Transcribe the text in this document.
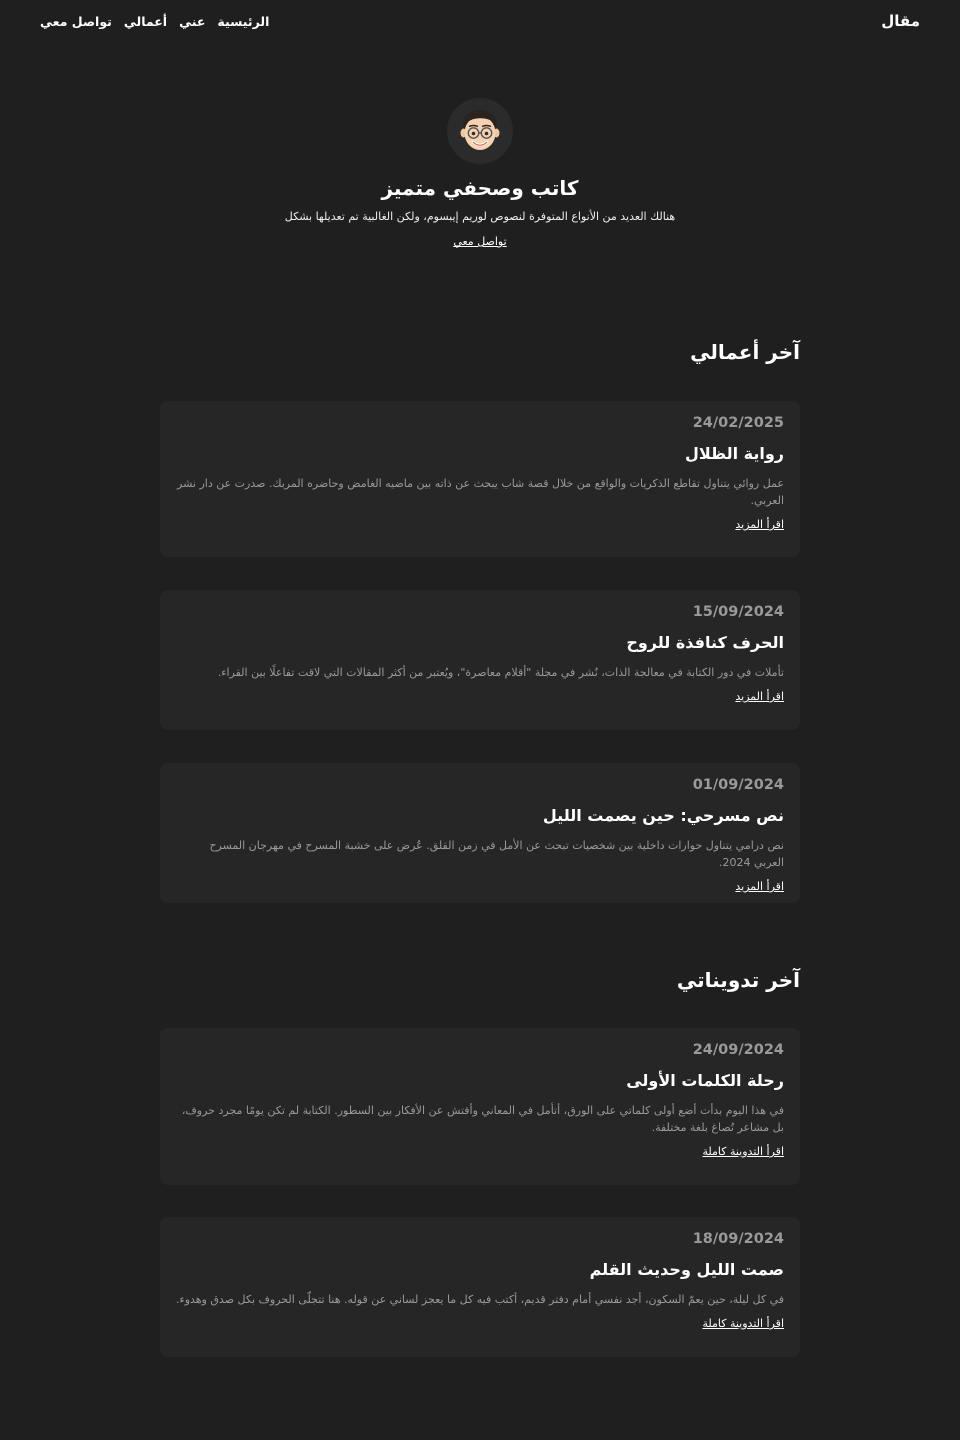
مقال
الرئيسية
عني
أعمالي
تواصل معي
كاتب وصحفي متميز

هنالك العديد من الأنواع المتوفرة لنصوص لوريم إيبسوم، ولكن الغالبية تم تعديلها بشكل

تواصل معي
آخر أعمالي
24/02/2025
رواية الظلال

عمل روائي يتناول تقاطع الذكريات والواقع من خلال قصة شاب يبحث عن ذاته بين ماضيه الغامض وحاضره المربك. صدرت عن دار نشر العربي.

اقرأ المزيد
15/09/2024
الحرف كنافذة للروح

تأملات في دور الكتابة في معالجة الذات، نُشر في مجلة "أقلام معاصرة"، ويُعتبر من أكثر المقالات التي لاقت تفاعلًا بين القراء.

اقرأ المزيد
01/09/2024
نص مسرحي: حين يصمت الليل

نص درامي يتناول حوارات داخلية بين شخصيات تبحث عن الأمل في زمن القلق. عُرض على خشبة المسرح في مهرجان المسرح العربي 2024.

اقرأ المزيد
آخر تدويناتي
24/09/2024
رحلة الكلمات الأولى

في هذا اليوم بدأت أضع أولى كلماتي على الورق، أتأمل في المعاني وأفتش عن الأفكار بين السطور. الكتابة لم تكن يومًا مجرد حروف، بل مشاعر تُصاغ بلغة مختلفة.

اقرأ التدوينة كاملة
18/09/2024
صمت الليل وحديث القلم

في كل ليلة، حين يعمّ السكون، أجد نفسي أمام دفتر قديم، أكتب فيه كل ما يعجز لساني عن قوله. هنا تتجلّى الحروف بكل صدق وهدوء.

اقرأ التدوينة كاملة
